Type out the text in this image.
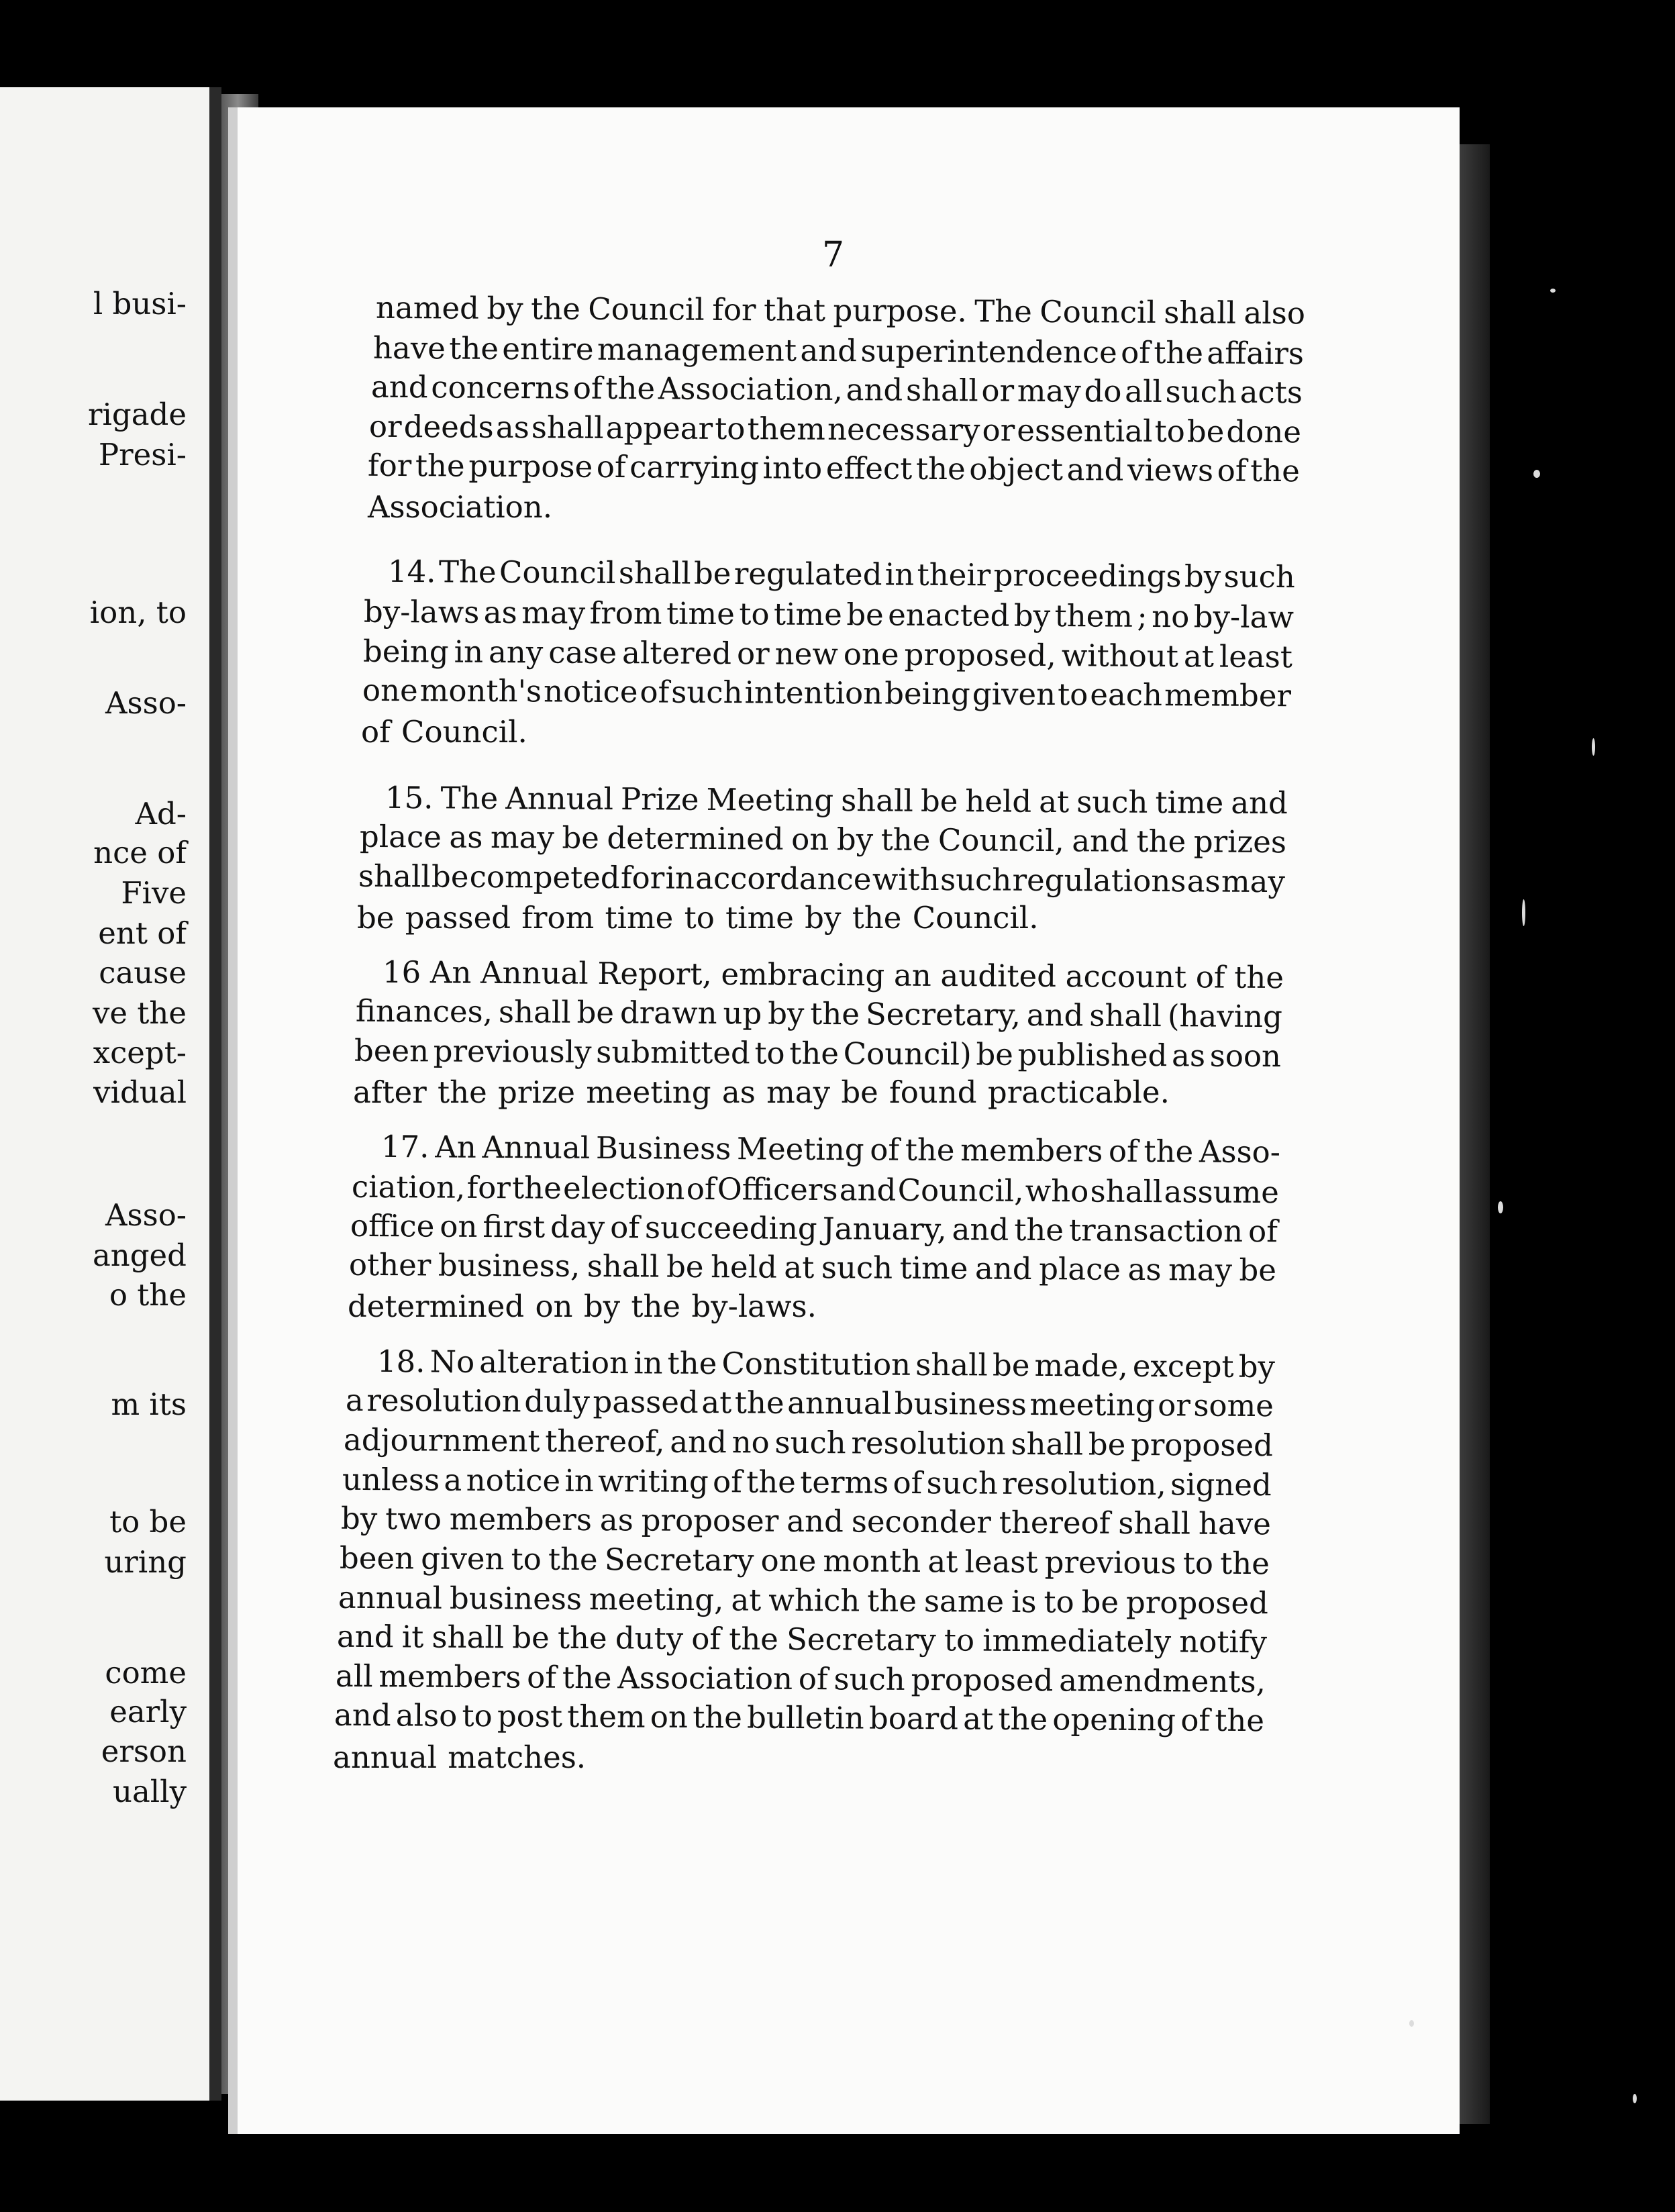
l busi-
rigade
Presi-
ion, to
Asso-
Ad-
nce of
Five
ent of
cause
ve the
xcept-
vidual
Asso-
anged
o the
m its
to be
uring
come
early
erson
ually
7
named by the Council for that purpose. The Council shall also
have the entire management and superintendence of the affairs
and concerns of the Association, and shall or may do all such acts
or deeds as shall appear to them necessary or essential to be done
for the purpose of carrying into effect the object and views of the
Association.
14. The Council shall be regulated in their proceedings by such
by-laws as may from time to time be enacted by them ; no by-law
being in any case altered or new one proposed, without at least
one month's notice of such intention being given to each member
of Council.
15. The Annual Prize Meeting shall be held at such time and
place as may be determined on by the Council, and the prizes
shall be competed for in accordance with such regulations as may
be passed from time to time by the Council.
16 An Annual Report, embracing an audited account of the
finances, shall be drawn up by the Secretary, and shall (having
been previously submitted to the Council) be published as soon
after the prize meeting as may be found practicable.
17. An Annual Business Meeting of the members of the Asso-
ciation, for the election of Officers and Council, who shall assume
office on first day of succeeding January, and the transaction of
other business, shall be held at such time and place as may be
determined on by the by-laws.
18. No alteration in the Constitution shall be made, except by
a resolution duly passed at the annual business meeting or some
adjournment thereof, and no such resolution shall be proposed
unless a notice in writing of the terms of such resolution, signed
by two members as proposer and seconder thereof shall have
been given to the Secretary one month at least previous to the
annual business meeting, at which the same is to be proposed
and it shall be the duty of the Secretary to immediately notify
all members of the Association of such proposed amendments,
and also to post them on the bulletin board at the opening of the
annual matches.
